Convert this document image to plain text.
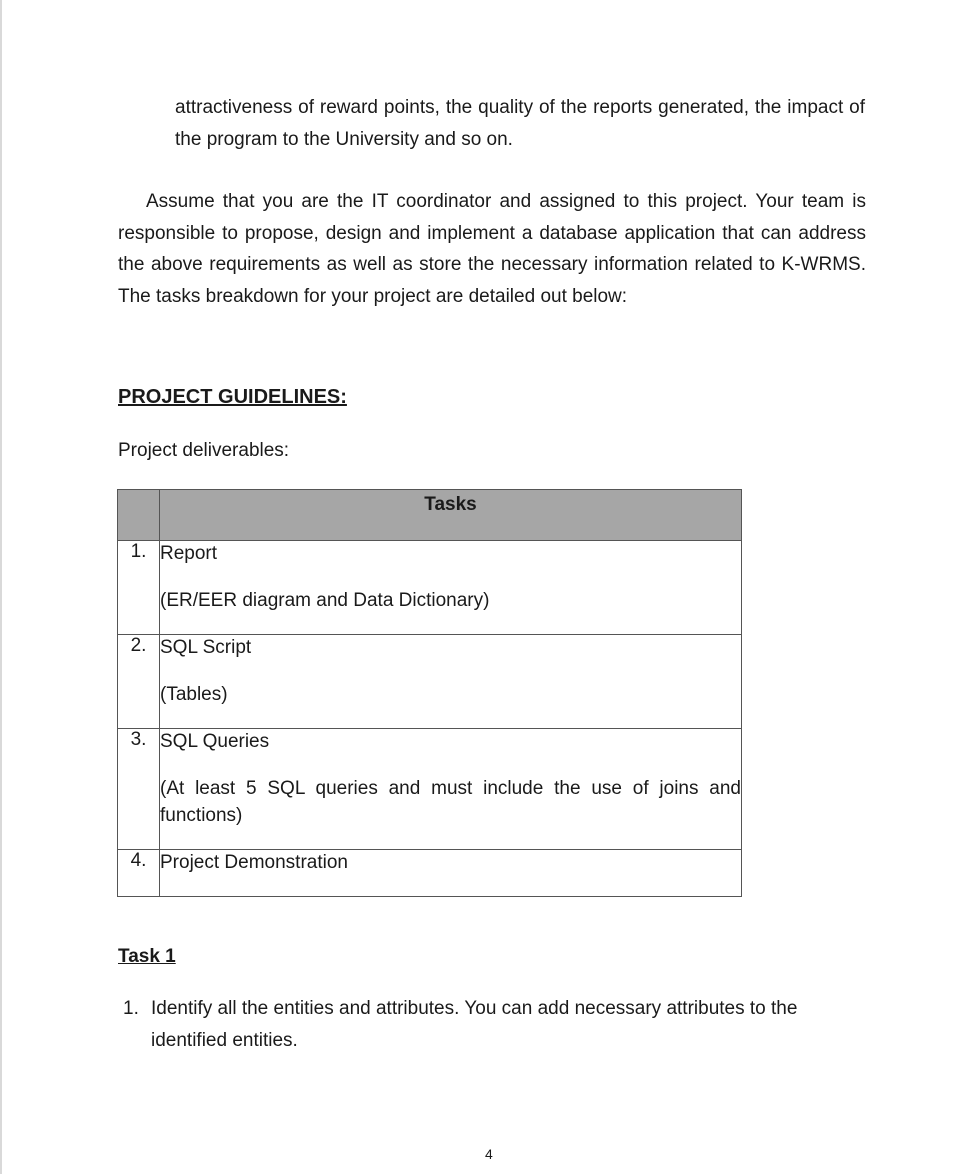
attractiveness of reward points, the quality of the reports generated, the impact of the program to the University and so on.

Assume that you are the IT coordinator and assigned to this project. Your team is responsible to propose, design and implement a database application that can address the above requirements as well as store the necessary information related to K-WRMS. The tasks breakdown for your project are detailed out below:

PROJECT GUIDELINES:

Project deliverables:

	Tasks
1.	Report
(ER/EER diagram and Data Dictionary)

2.	SQL Script
(Tables)

3.	SQL Queries
(At least 5 SQL queries and must include the use of joins and functions)

4.	Project Demonstration
Task 1
1. Identify all the entities and attributes. You can add necessary attributes to the identified entities.
4
